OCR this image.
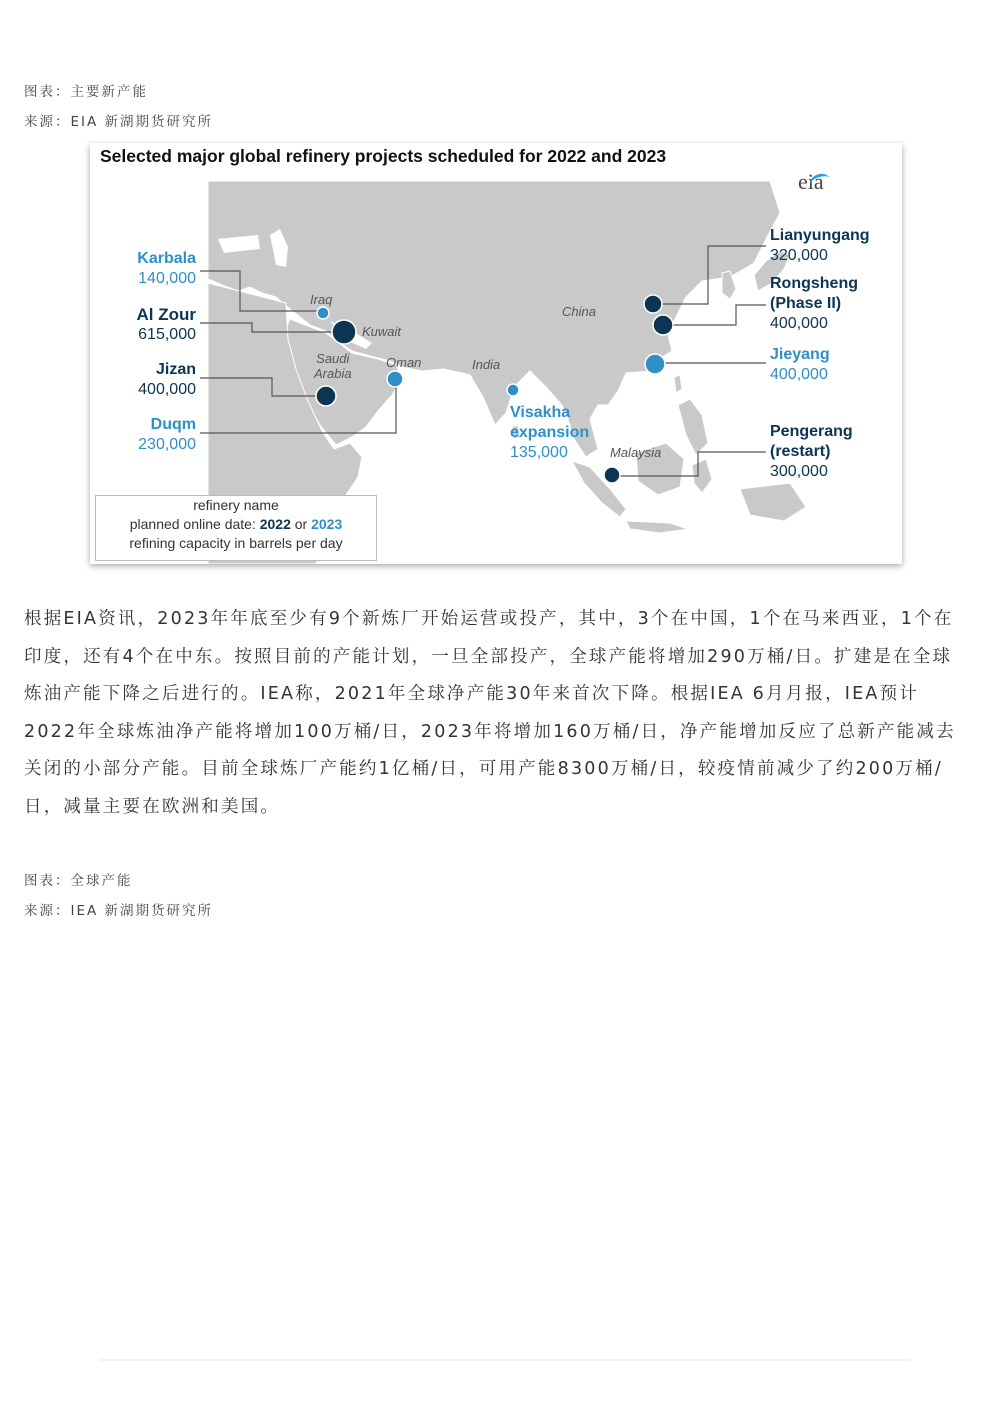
图表：主要新产能
来源：EIA 新湖期货研究所
Selected major global refinery projects scheduled for 2022 and 2023
eia
Iraq
Kuwait
Saudi
Arabia
Oman	India
China
Malaysia
Karbala
140,000
Al Zour
615,000
Jizan
400,000
Duqm
230,000
Visakha
expansion
135,000
Lianyungang
320,000
Rongsheng
(Phase II)
400,000
Jieyang
400,000
Pengerang
(restart)
300,000
refinery name
planned online date: 2022 or 2023
refining capacity in barrels per day
根据EIA资讯，2023年年底至少有9个新炼厂开始运营或投产，其中，3个在中国，1个在马来西亚，1个在印度，还有4个在中东。按照目前的产能计划，一旦全部投产，全球产能将增加290万桶/日。扩建是在全球炼油产能下降之后进行的。IEA称，2021年全球净产能30年来首次下降。根据IEA 6月月报，IEA预计2022年全球炼油净产能将增加100万桶/日，2023年将增加160万桶/日，净产能增加反应了总新产能减去关闭的小部分产能。目前全球炼厂产能约1亿桶/日，可用产能8300万桶/日，较疫情前减少了约200万桶/日，减量主要在欧洲和美国。
图表：全球产能
来源：IEA 新湖期货研究所
